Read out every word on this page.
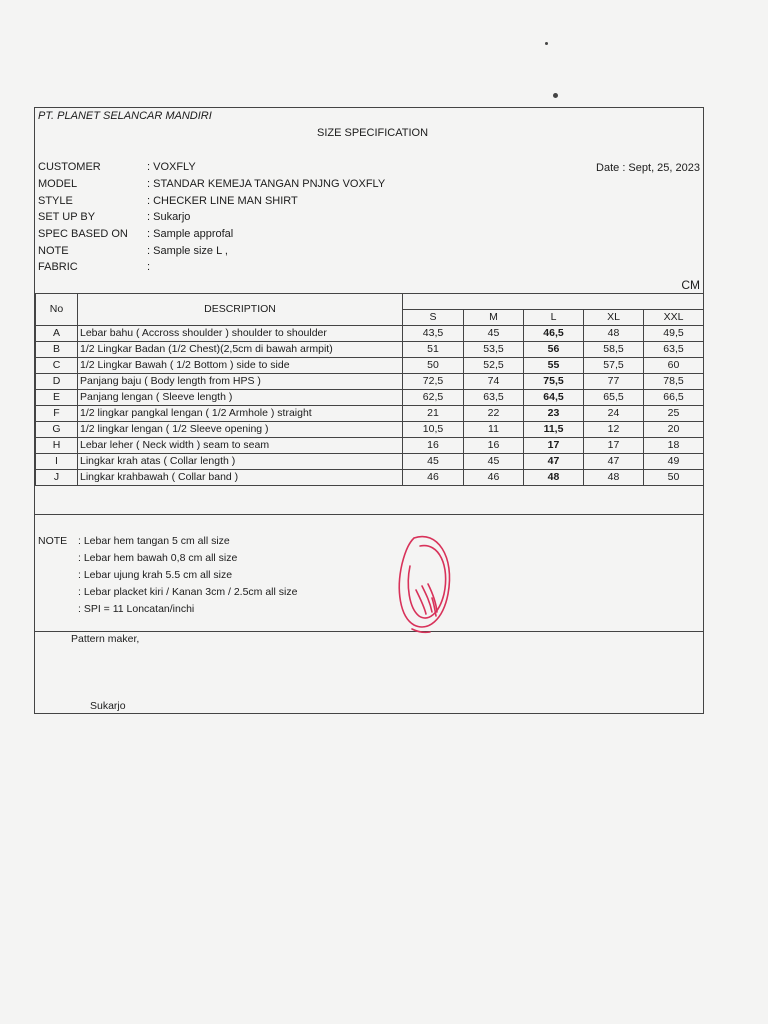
PT. PLANET SELANCAR MANDIRI
SIZE SPECIFICATION
CUSTOMER	: VOXFLY
MODEL	: STANDAR KEMEJA TANGAN PNJNG VOXFLY
STYLE	: CHECKER LINE MAN SHIRT
SET UP BY	: Sukarjo
SPEC BASED ON : Sample approfal
NOTE	: Sample size L ,
FABRIC	:
Date : Sept, 25, 2023
CM
No	DESCRIPTION					
		S	M	L	XL	XXL
A	Lebar bahu ( Accross shoulder ) shoulder to shoulder	43,5	45	46,5	48	49,5
B	1/2 Lingkar Badan (1/2 Chest)(2,5cm di bawah armpit)	51	53,5	56	58,5	63,5
C	1/2 Lingkar Bawah ( 1/2 Bottom ) side to side	50	52,5	55	57,5	60
D	Panjang baju ( Body length from HPS )	72,5	74	75,5	77	78,5
E	Panjang lengan ( Sleeve length )	62,5	63,5	64,5	65,5	66,5
F	1/2 lingkar pangkal lengan ( 1/2 Armhole ) straight	21	22	23	24	25
G	1/2 lingkar lengan ( 1/2 Sleeve opening )	10,5	11	11,5	12	20
H	Lebar leher ( Neck width ) seam to seam	16	16	17	17	18
I	Lingkar krah atas ( Collar length )	45	45	47	47	49
J	Lingkar krahbawah ( Collar band )	46	46	48	48	50
NOTE	: Lebar hem tangan 5 cm all size
: Lebar hem bawah 0,8 cm all size
: Lebar ujung krah 5.5 cm all size
: Lebar placket kiri / Kanan 3cm / 2.5cm all size
: SPI = 11 Loncatan/inchi
Pattern maker,
Sukarjo
